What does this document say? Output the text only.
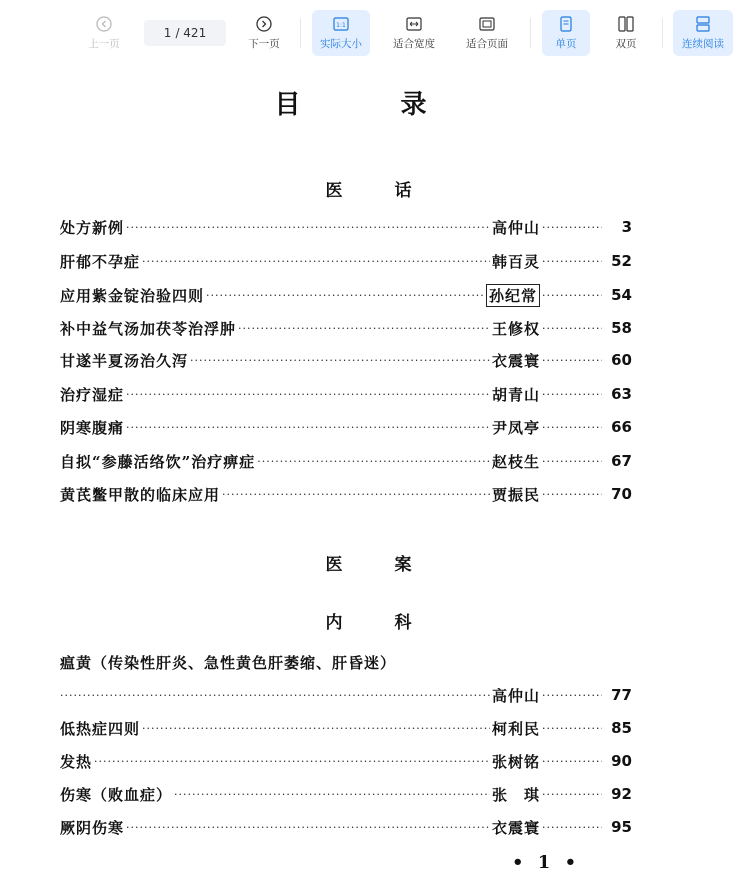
上一页
1 / 421
下一页
1:1
实际大小	适合宽度	适合页面	单页	双页	连续阅读
目录
医	话
处方新例 ·····	高仲山 ·····	3
肝郁不孕症 ·····	韩百灵 ·····	52
应用紫金锭治验四则 ·····	孙纪常 ·····	54
补中益气汤加茯苓治浮肿 ·····	王修权 ·····	58
甘遂半夏汤治久泻 ·····	衣震寰 ·····	60
治疗湿症 ·····	胡青山 ·····	63
阴寒腹痛 ·····	尹凤亭 ·····	66
自拟“参藤活络饮”治疗痹症 ·····	赵枝生 ·····	67
黄芪鳖甲散的临床应用 ·····	贾振民 ·····	70
医	案
内	科
瘟黄（传染性肝炎、急性黄色肝萎缩、肝昏迷）
·····
高仲山 ·····	77
低热症四则 ·····	柯利民 ·····	85
发热 ·····	张树铭 ·····	90
伤寒（败血症） ·····	张　琪 ·····	92
厥阴伤寒 ·····	衣震寰 ·····	95
• 1 •
